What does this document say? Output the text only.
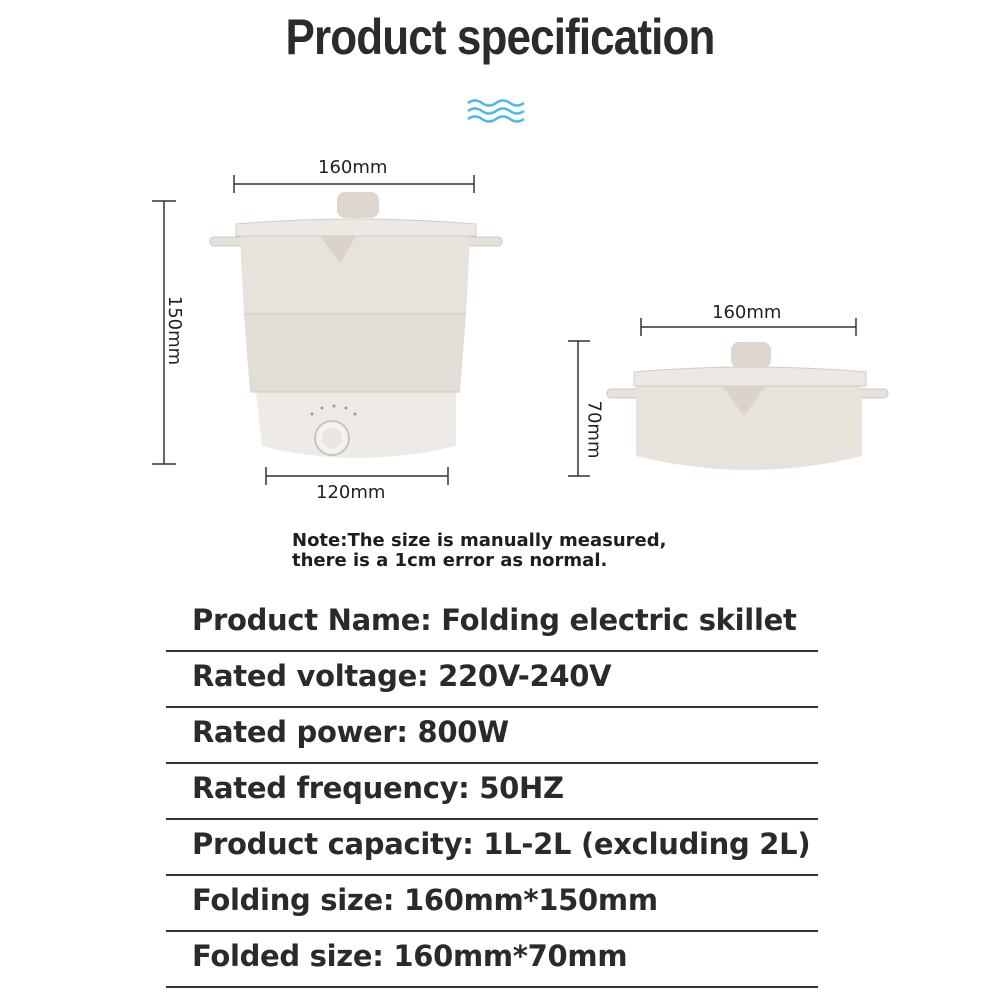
Product specification
160mm
150mm
120mm
160mm
70mm
Note:The size is manually measured,
there is a 1cm error as normal.
Product Name: Folding electric skillet
Rated voltage: 220V-240V
Rated power: 800W
Rated frequency: 50HZ
Product capacity: 1L-2L (excluding 2L)
Folding size: 160mm*150mm
Folded size: 160mm*70mm
